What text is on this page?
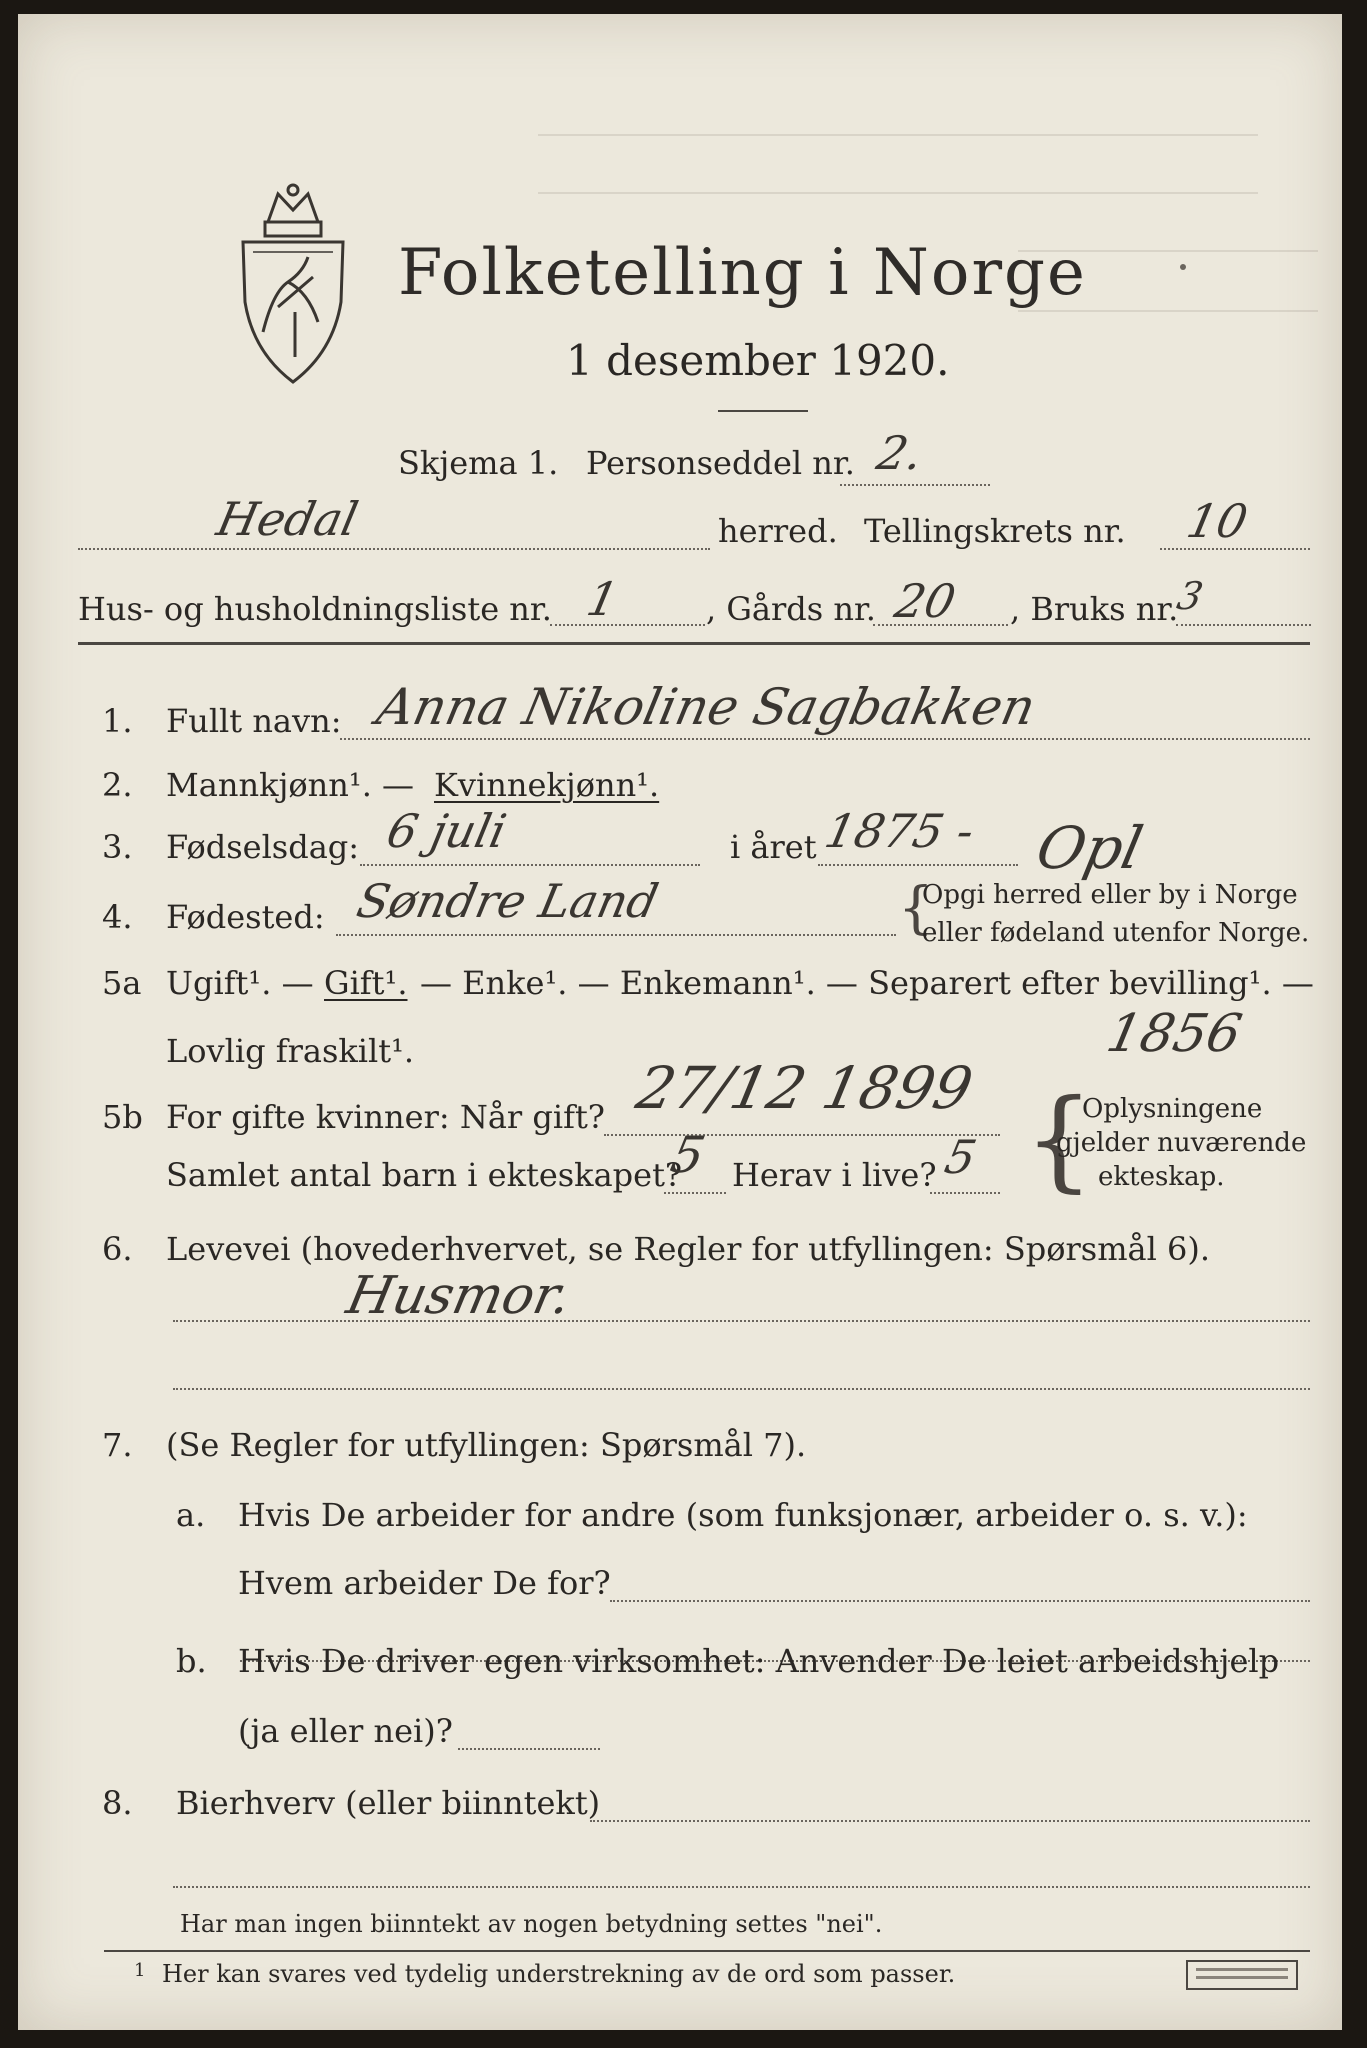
Folketelling i Norge
1 desember 1920.
Skjema 1. Personseddel nr. 2.
Hedal	herred. Tellingskrets nr. 10
Hus- og husholdningsliste nr. 1	, Gårds nr. 20 , Bruks nr.
3
1. Fullt navn: Anna Nikoline Sagbakken
2. Mannkjønn¹. — Kvinnekjønn¹.
3. Fødselsdag: 6 juli	i året 1875 - Opl
4. Fødested: Søndre Land	{
Opgi herred eller by i Norge
eller fødeland utenfor Norge.
5a Ugift¹. — Gift¹. — Enke¹. — Enkemann¹. — Separert efter bevilling¹. —
Lovlig fraskilt¹.	1856
5b For gifte kvinner: Når gift? 27/12 1899
Samlet antal barn i ekteskapet?
5 Herav i live? 5 {
Oplysningene
gjelder nuværende
ekteskap.
6. Levevei (hovederhvervet, se Regler for utfyllingen: Spørsmål 6).
Husmor.
7. (Se Regler for utfyllingen: Spørsmål 7).
a. Hvis De arbeider for andre (som funksjonær, arbeider o. s. v.):
Hvem arbeider De for?
b. Hvis De driver egen virksomhet: Anvender De leiet arbeidshjelp
(ja eller nei)?
8. Bierhverv (eller biinntekt)
Har man ingen biinntekt av nogen betydning settes "nei".
1 Her kan svares ved tydelig understrekning av de ord som passer.
